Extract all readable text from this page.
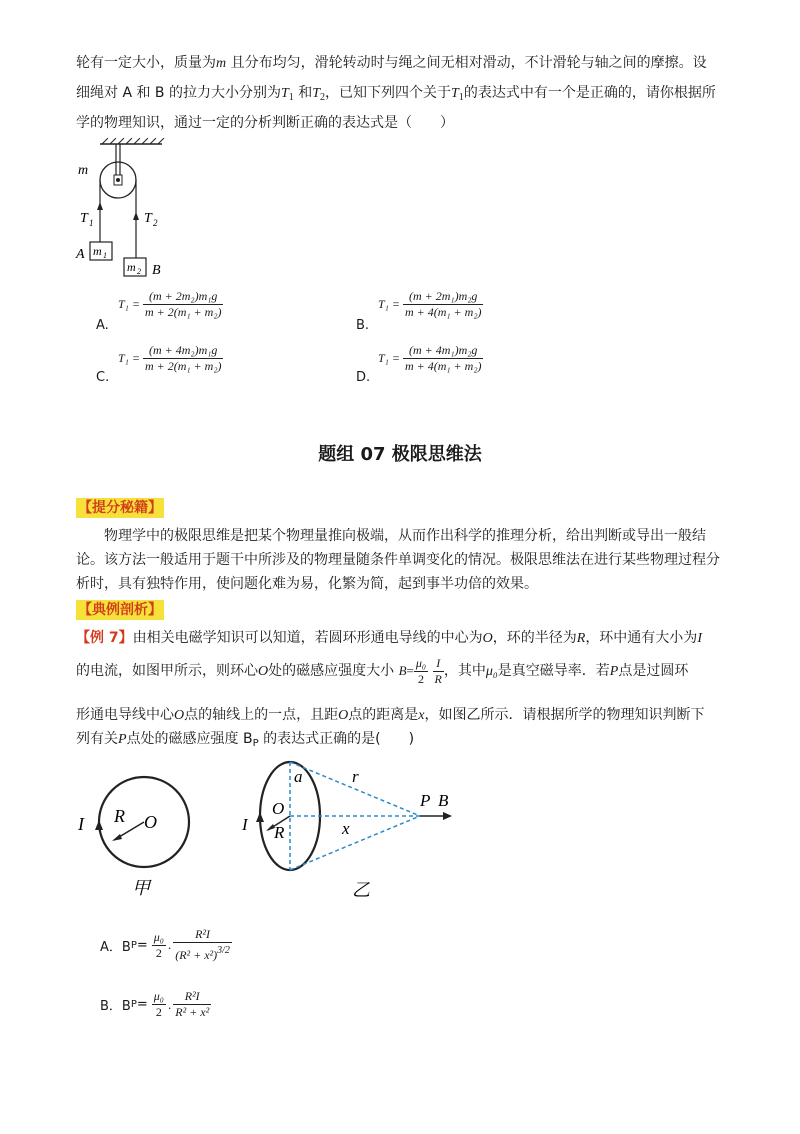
轮有一定大小，质量为m 且分布均匀，滑轮转动时与绳之间无相对滑动，不计滑轮与轴之间的摩擦。设
细绳对 A 和 B 的拉力大小分别为$T_1$ 和$T_2$，已知下列四个关于$T_1$的表达式中有一个是正确的，请你根据所
学的物理知识，通过一定的分析判断正确的表达式是（　　）
m
T 1	T 2
A m 1
m 2 B
A.
T₁ =
$\frac{\text{(m + 2m₂)m₁g}}{\text{m + 2(m₁ + m₂)}}$
B.
T₁ =
$\frac{\text{(m + 2m₁)m₂g}}{\text{m + 4(m₁ + m₂)}}$
C.
T₁ =
$\frac{\text{(m + 4m₂)m₁g}}{\text{m + 2(m₁ + m₂)}}$
D.
T₁ =
$\frac{\text{(m + 4m₁)m₂g}}{\text{m + 4(m₁ + m₂)}}$
题组 07 极限思维法
【提分秘籍】
物理学中的极限思维是把某个物理量推向极端，从而作出科学的推理分析，给出判断或导出一般结论。该方法一般适用于题干中所涉及的物理量随条件单调变化的情况。极限思维法在进行某些物理过程分析时，具有独特作用，使问题化难为易，化繁为简，起到事半功倍的效果。
【典例剖析】
【例 7】由相关电磁学知识可以知道，若圆环形通电导线的中心为O，环的半径为R，环中通有大小为I
的电流，如图甲所示，则环心O处的磁感应强度大小 $B= \frac{\text{μ₀}}{2}$
$\frac{I}{R}$ ，其中μ₀是真空磁导率．若P点是过圆环
形通电导线中心O点的轴线上的一点，且距O点的距离是x，如图乙所示．请根据所学的物理知识判断下
列有关P点处的磁感应强度 $B_P$ 的表达式正确的是(　　)
I R O
甲
a	r
O
I R	x
P B
乙
A．B $P = \frac{\text{μ₀}}{2}$ . $\frac{\text{R²I}}{(R^2 + x^2)^{3/2}}$
B．B $P = \frac{\text{μ₀}}{2}$ . $\frac{\text{R²I}}{\text{R² + x²}}$
